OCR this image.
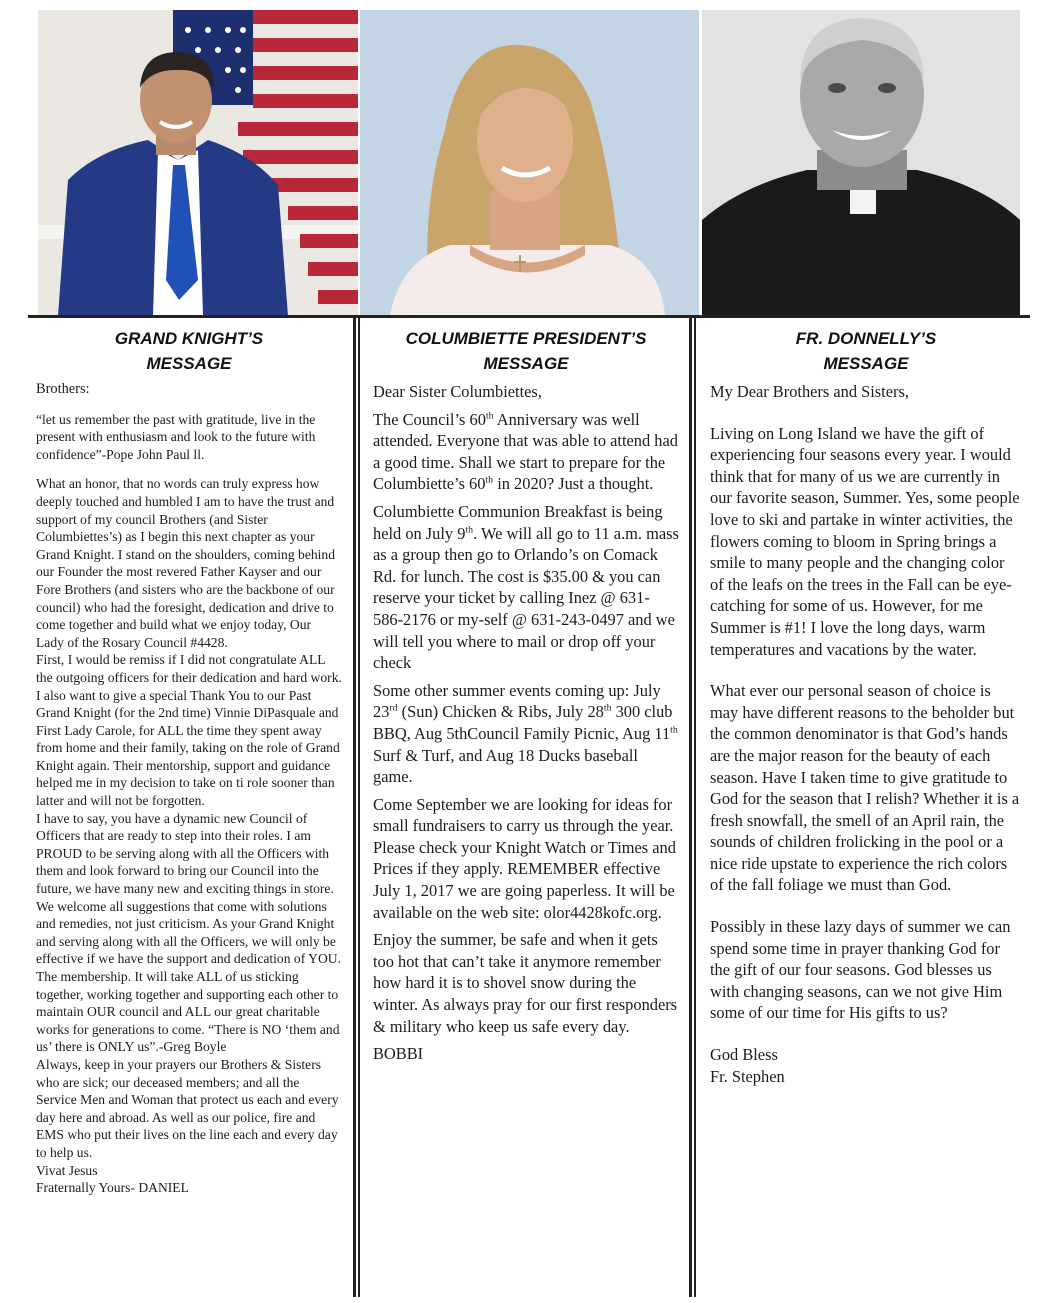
GRAND KNIGHT’S
MESSAGE

Brothers:

“let us remember the past with gratitude, live in the present with enthusiasm and look to the future with confidence”-Pope John Paul ll.

What an honor, that no words can truly express how deeply touched and humbled I am to have the trust and support of my council Brothers (and Sister Columbiettes’s) as I begin this next chapter as your Grand Knight. I stand on the shoulders, coming behind our Founder the most revered Father Kayser and our Fore Brothers (and sisters who are the backbone of our council) who had the foresight, dedication and drive to come together and build what we enjoy today, Our Lady of the Rosary Council #4428.

First, I would be remiss if I did not congratulate ALL the outgoing officers for their dedication and hard work. I also want to give a special Thank You to our Past Grand Knight (for the 2nd time) Vinnie DiPasquale and First Lady Carole, for ALL the time they spent away from home and their family, taking on the role of Grand Knight again. Their mentorship, support and guidance helped me in my decision to take on ti role sooner than latter and will not be forgotten.

I have to say, you have a dynamic new Council of Officers that are ready to step into their roles. I am PROUD to be serving along with all the Officers with them and look forward to bring our Council into the future, we have many new and exciting things in store. We welcome all suggestions that come with solutions and remedies, not just criticism. As your Grand Knight and serving along with all the Officers, we will only be effective if we have the support and dedication of YOU. The membership. It will take ALL of us sticking together, working together and supporting each other to maintain OUR council and ALL our great charitable works for generations to come. “There is NO ‘them and us’ there is ONLY us”.-Greg Boyle

Always, keep in your prayers our Brothers & Sisters who are sick; our deceased members; and all the Service Men and Woman that protect us each and every day here and abroad. As well as our police, fire and EMS who put their lives on the line each and every day to help us.

Vivat Jesus

Fraternally Yours- DANIEL

COLUMBIETTE PRESIDENT’S
MESSAGE

Dear Sister Columbiettes,

The Council’s 60th Anniversary was well attended. Everyone that was able to attend had a good time. Shall we start to prepare for the Columbiette’s 60th in 2020? Just a thought.

Columbiette Communion Breakfast is being held on July 9th. We will all go to 11 a.m. mass as a group then go to Orlando’s on Comack Rd. for lunch. The cost is $35.00 & you can reserve your ticket by calling Inez @ 631-586-2176 or my-self @ 631-243-0497 and we will tell you where to mail or drop off your check

Some other summer events coming up: July 23rd (Sun) Chicken & Ribs, July 28th 300 club BBQ, Aug 5thCouncil Family Picnic, Aug 11th Surf & Turf, and Aug 18 Ducks baseball game.

Come September we are looking for ideas for small fundraisers to carry us through the year. Please check your Knight Watch or Times and Prices if they apply. REMEMBER effective July 1, 2017 we are going paperless. It will be available on the web site: olor4428kofc.org.

Enjoy the summer, be safe and when it gets too hot that can’t take it anymore remember how hard it is to shovel snow during the winter. As always pray for our first responders & military who keep us safe every day.

BOBBI

FR. DONNELLY’S
MESSAGE

My Dear Brothers and Sisters,

Living on Long Island we have the gift of experiencing four seasons every year. I would think that for many of us we are currently in our favorite season, Summer. Yes, some people love to ski and partake in winter activities, the flowers coming to bloom in Spring brings a smile to many people and the changing color of the leafs on the trees in the Fall can be eye-catching for some of us. However, for me Summer is #1! I love the long days, warm temperatures and vacations by the water.

What ever our personal season of choice is may have different reasons to the beholder but the common denominator is that God’s hands are the major reason for the beauty of each season. Have I taken time to give gratitude to God for the season that I relish? Whether it is a fresh snowfall, the smell of an April rain, the sounds of children frolicking in the pool or a nice ride upstate to experience the rich colors of the fall foliage we must than God.

Possibly in these lazy days of summer we can spend some time in prayer thanking God for the gift of our four seasons. God blesses us with changing seasons, can we not give Him some of our time for His gifts to us?

God Bless

Fr. Stephen
